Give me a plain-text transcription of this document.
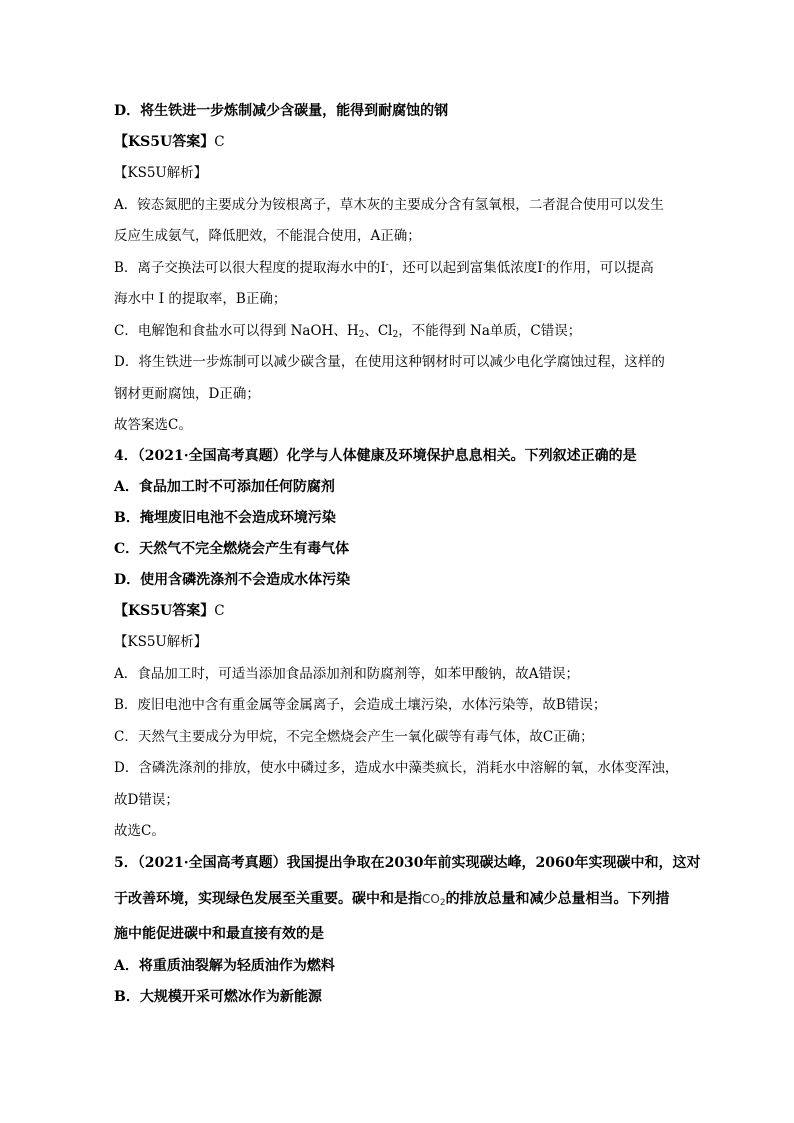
D．将生铁进一步炼制减少含碳量，能得到耐腐蚀的钢
【KS5U答案】C
【KS5U解析】
A．铵态氮肥的主要成分为铵根离子，草木灰的主要成分含有氢氧根，二者混合使用可以发生
反应生成氨气，降低肥效，不能混合使用，A正确；
B．离子交换法可以很大程度的提取海水中的I-，还可以起到富集低浓度I-的作用，可以提高
海水中 I 的提取率，B正确；
C．电解饱和食盐水可以得到 NaOH、$H_2$、$Cl_2$，不能得到 Na单质，C错误；
D．将生铁进一步炼制可以减少碳含量，在使用这种钢材时可以减少电化学腐蚀过程，这样的
钢材更耐腐蚀，D正确；
故答案选C。
4．（2021·全国高考真题）化学与人体健康及环境保护息息相关。下列叙述正确的是
A．食品加工时不可添加任何防腐剂
B．掩埋废旧电池不会造成环境污染
C．天然气不完全燃烧会产生有毒气体
D．使用含磷洗涤剂不会造成水体污染
【KS5U答案】C
【KS5U解析】
A．食品加工时，可适当添加食品添加剂和防腐剂等，如苯甲酸钠，故A错误；
B．废旧电池中含有重金属等金属离子，会造成土壤污染，水体污染等，故B错误；
C．天然气主要成分为甲烷，不完全燃烧会产生一氧化碳等有毒气体，故C正确；
D．含磷洗涤剂的排放，使水中磷过多，造成水中藻类疯长，消耗水中溶解的氧，水体变浑浊，
故D错误；
故选C。
5．（2021·全国高考真题）我国提出争取在2030年前实现碳达峰，2060年实现碳中和，这对
于改善环境，实现绿色发展至关重要。碳中和是指$CO_2$的排放总量和减少总量相当。下列措
施中能促进碳中和最直接有效的是
A．将重质油裂解为轻质油作为燃料
B．大规模开采可燃冰作为新能源
